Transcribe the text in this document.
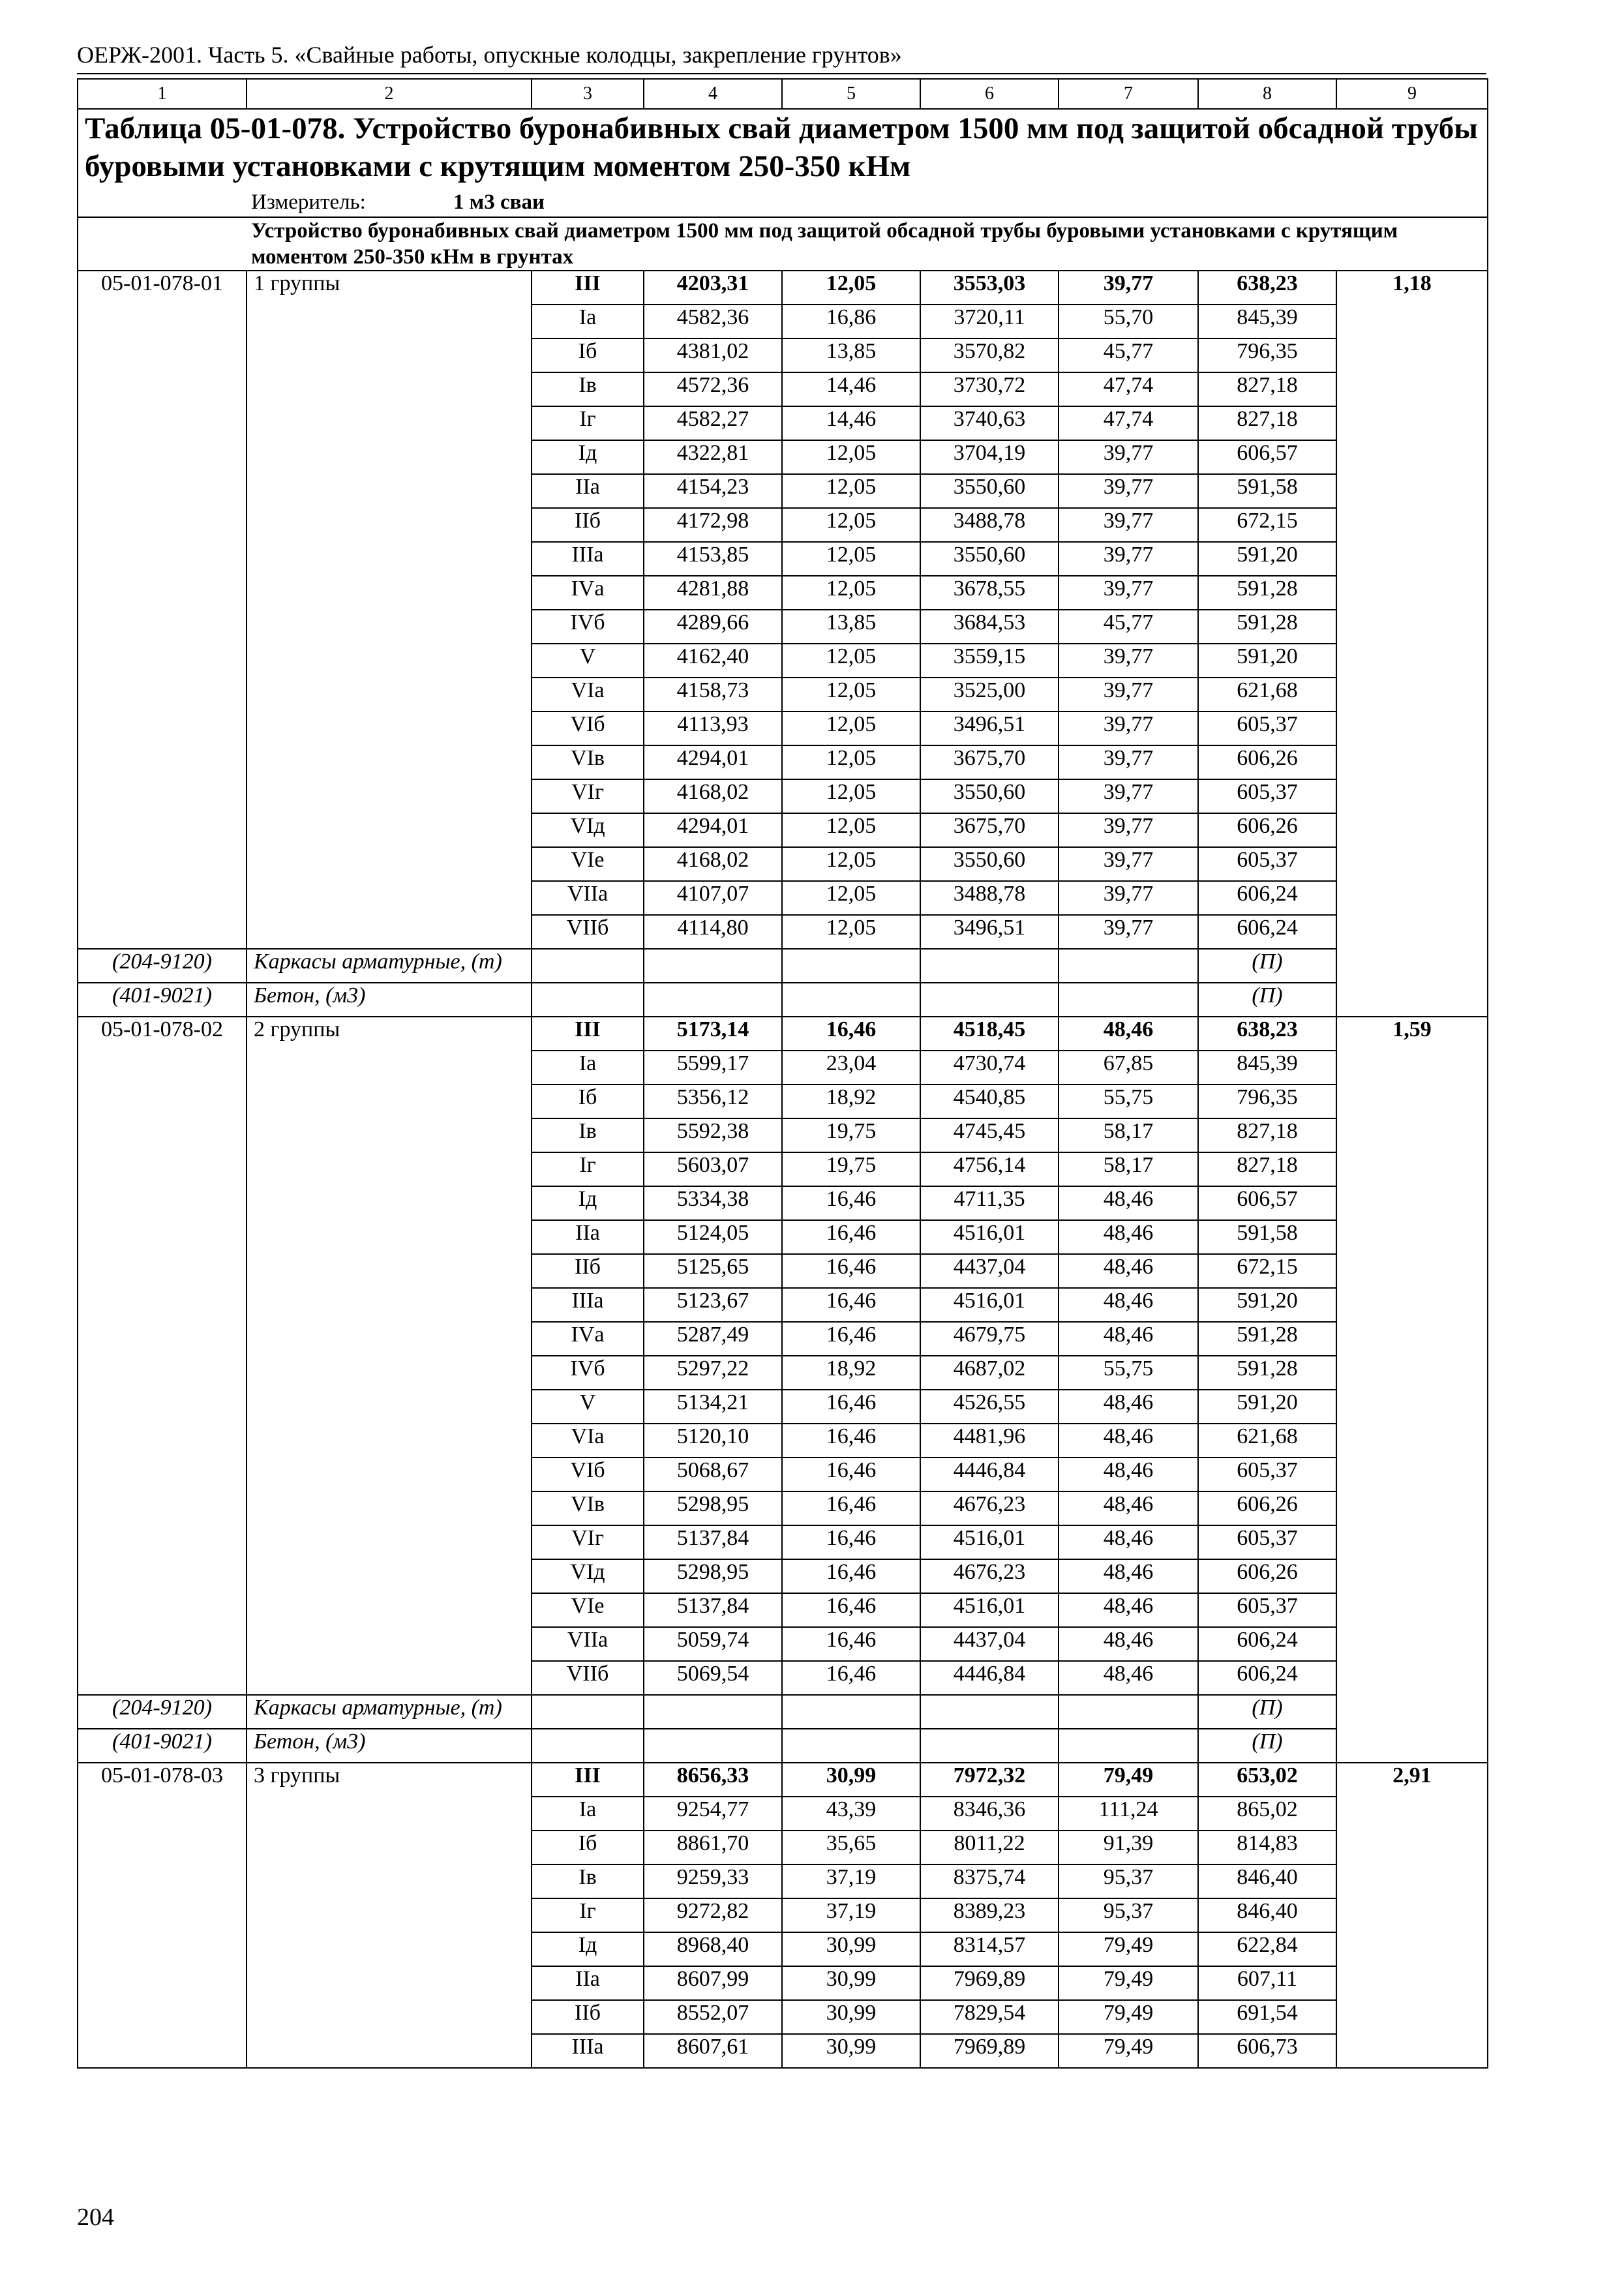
ОЕРЖ-2001. Часть 5. «Свайные работы, опускные колодцы, закрепление грунтов»
1	2	3	4	5	6	7	8	9

Таблица 05-01-078. Устройство буронабивных свай диаметром 1500 мм под защитой обсадной трубы буровыми установками с крутящим моментом 250-350 кНм
Измеритель: 1 м3 сваи								

Устройство буронабивных свай диаметром 1500 мм под защитой обсадной трубы буровыми установками с крутящим моментом 250-350 кНм в грунтах								

05-01-078-01	1 группы	III	4203,31	12,05	3553,03	39,77	638,23	1,18
		Iа	4582,36	16,86	3720,11	55,70	845,39	
		Iб	4381,02	13,85	3570,82	45,77	796,35	
		Iв	4572,36	14,46	3730,72	47,74	827,18	
		Iг	4582,27	14,46	3740,63	47,74	827,18	
		Iд	4322,81	12,05	3704,19	39,77	606,57	
		IIа	4154,23	12,05	3550,60	39,77	591,58	
		IIб	4172,98	12,05	3488,78	39,77	672,15	
		IIIа	4153,85	12,05	3550,60	39,77	591,20	
		IVа	4281,88	12,05	3678,55	39,77	591,28	
		IVб	4289,66	13,85	3684,53	45,77	591,28	
		V	4162,40	12,05	3559,15	39,77	591,20	
		VIа	4158,73	12,05	3525,00	39,77	621,68	
		VIб	4113,93	12,05	3496,51	39,77	605,37	
		VIв	4294,01	12,05	3675,70	39,77	606,26	
		VIг	4168,02	12,05	3550,60	39,77	605,37	
		VIд	4294,01	12,05	3675,70	39,77	606,26	
		VIе	4168,02	12,05	3550,60	39,77	605,37	
		VIIа	4107,07	12,05	3488,78	39,77	606,24	
		VIIб	4114,80	12,05	3496,51	39,77	606,24	
(204-9120)	Каркасы арматурные, (т)						(П)	
(401-9021)	Бетон, (м3)						(П)	
05-01-078-02	2 группы	III	5173,14	16,46	4518,45	48,46	638,23	1,59
		Iа	5599,17	23,04	4730,74	67,85	845,39	
		Iб	5356,12	18,92	4540,85	55,75	796,35	
		Iв	5592,38	19,75	4745,45	58,17	827,18	
		Iг	5603,07	19,75	4756,14	58,17	827,18	
		Iд	5334,38	16,46	4711,35	48,46	606,57	
		IIа	5124,05	16,46	4516,01	48,46	591,58	
		IIб	5125,65	16,46	4437,04	48,46	672,15	
		IIIа	5123,67	16,46	4516,01	48,46	591,20	
		IVа	5287,49	16,46	4679,75	48,46	591,28	
		IVб	5297,22	18,92	4687,02	55,75	591,28	
		V	5134,21	16,46	4526,55	48,46	591,20	
		VIа	5120,10	16,46	4481,96	48,46	621,68	
		VIб	5068,67	16,46	4446,84	48,46	605,37	
		VIв	5298,95	16,46	4676,23	48,46	606,26	
		VIг	5137,84	16,46	4516,01	48,46	605,37	
		VIд	5298,95	16,46	4676,23	48,46	606,26	
		VIе	5137,84	16,46	4516,01	48,46	605,37	
		VIIа	5059,74	16,46	4437,04	48,46	606,24	
		VIIб	5069,54	16,46	4446,84	48,46	606,24	
(204-9120)	Каркасы арматурные, (т)						(П)	
(401-9021)	Бетон, (м3)						(П)	
05-01-078-03	3 группы	III	8656,33	30,99	7972,32	79,49	653,02	2,91
		Iа	9254,77	43,39	8346,36	111,24	865,02	
		Iб	8861,70	35,65	8011,22	91,39	814,83	
		Iв	9259,33	37,19	8375,74	95,37	846,40	
		Iг	9272,82	37,19	8389,23	95,37	846,40	
		Iд	8968,40	30,99	8314,57	79,49	622,84	
		IIа	8607,99	30,99	7969,89	79,49	607,11	
		IIб	8552,07	30,99	7829,54	79,49	691,54	
		IIIа	8607,61	30,99	7969,89	79,49	606,73	
204
